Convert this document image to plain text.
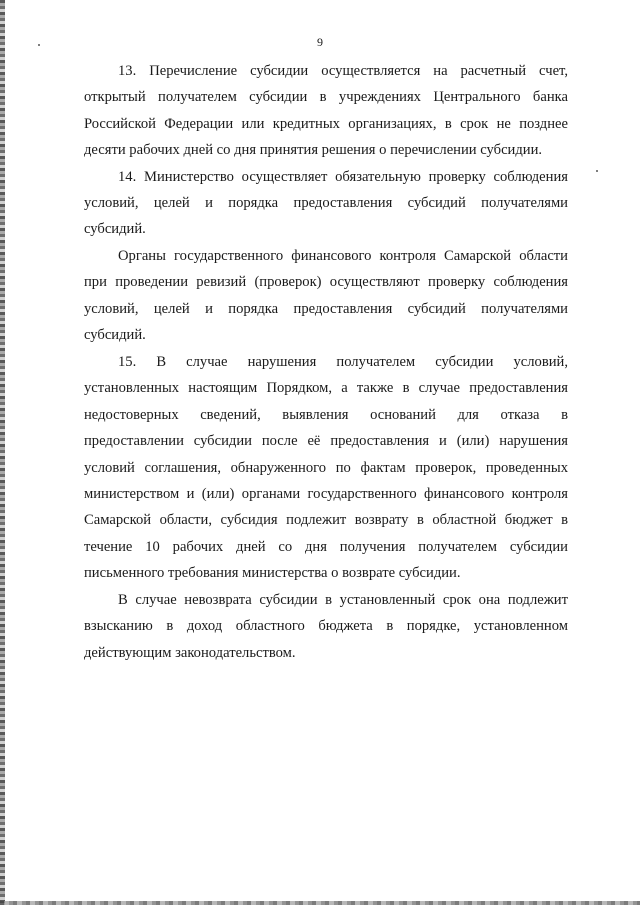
9
13. Перечисление субсидии осуществляется на расчетный счет,
открытый получателем субсидии в учреждениях Центрального банка
Российской Федерации или кредитных организациях, в срок не позднее
десяти рабочих дней со дня принятия решения о перечислении субсидии.
14. Министерство осуществляет обязательную проверку соблюдения
условий, целей и порядка предоставления субсидий получателями
субсидий.
Органы государственного финансового контроля Самарской области
при проведении ревизий (проверок) осуществляют проверку соблюдения
условий, целей и порядка предоставления субсидий получателями
субсидий.
15. В случае нарушения получателем субсидии условий,
установленных настоящим Порядком, а также в случае предоставления
недостоверных сведений, выявления оснований для отказа в
предоставлении субсидии после её предоставления и (или) нарушения
условий соглашения, обнаруженного по фактам проверок, проведенных
министерством и (или) органами государственного финансового контроля
Самарской области, субсидия подлежит возврату в областной бюджет в
течение 10 рабочих дней со дня получения получателем субсидии
письменного требования министерства о возврате субсидии.
В случае невозврата субсидии в установленный срок она подлежит
взысканию в доход областного бюджета в порядке, установленном
действующим законодательством.
